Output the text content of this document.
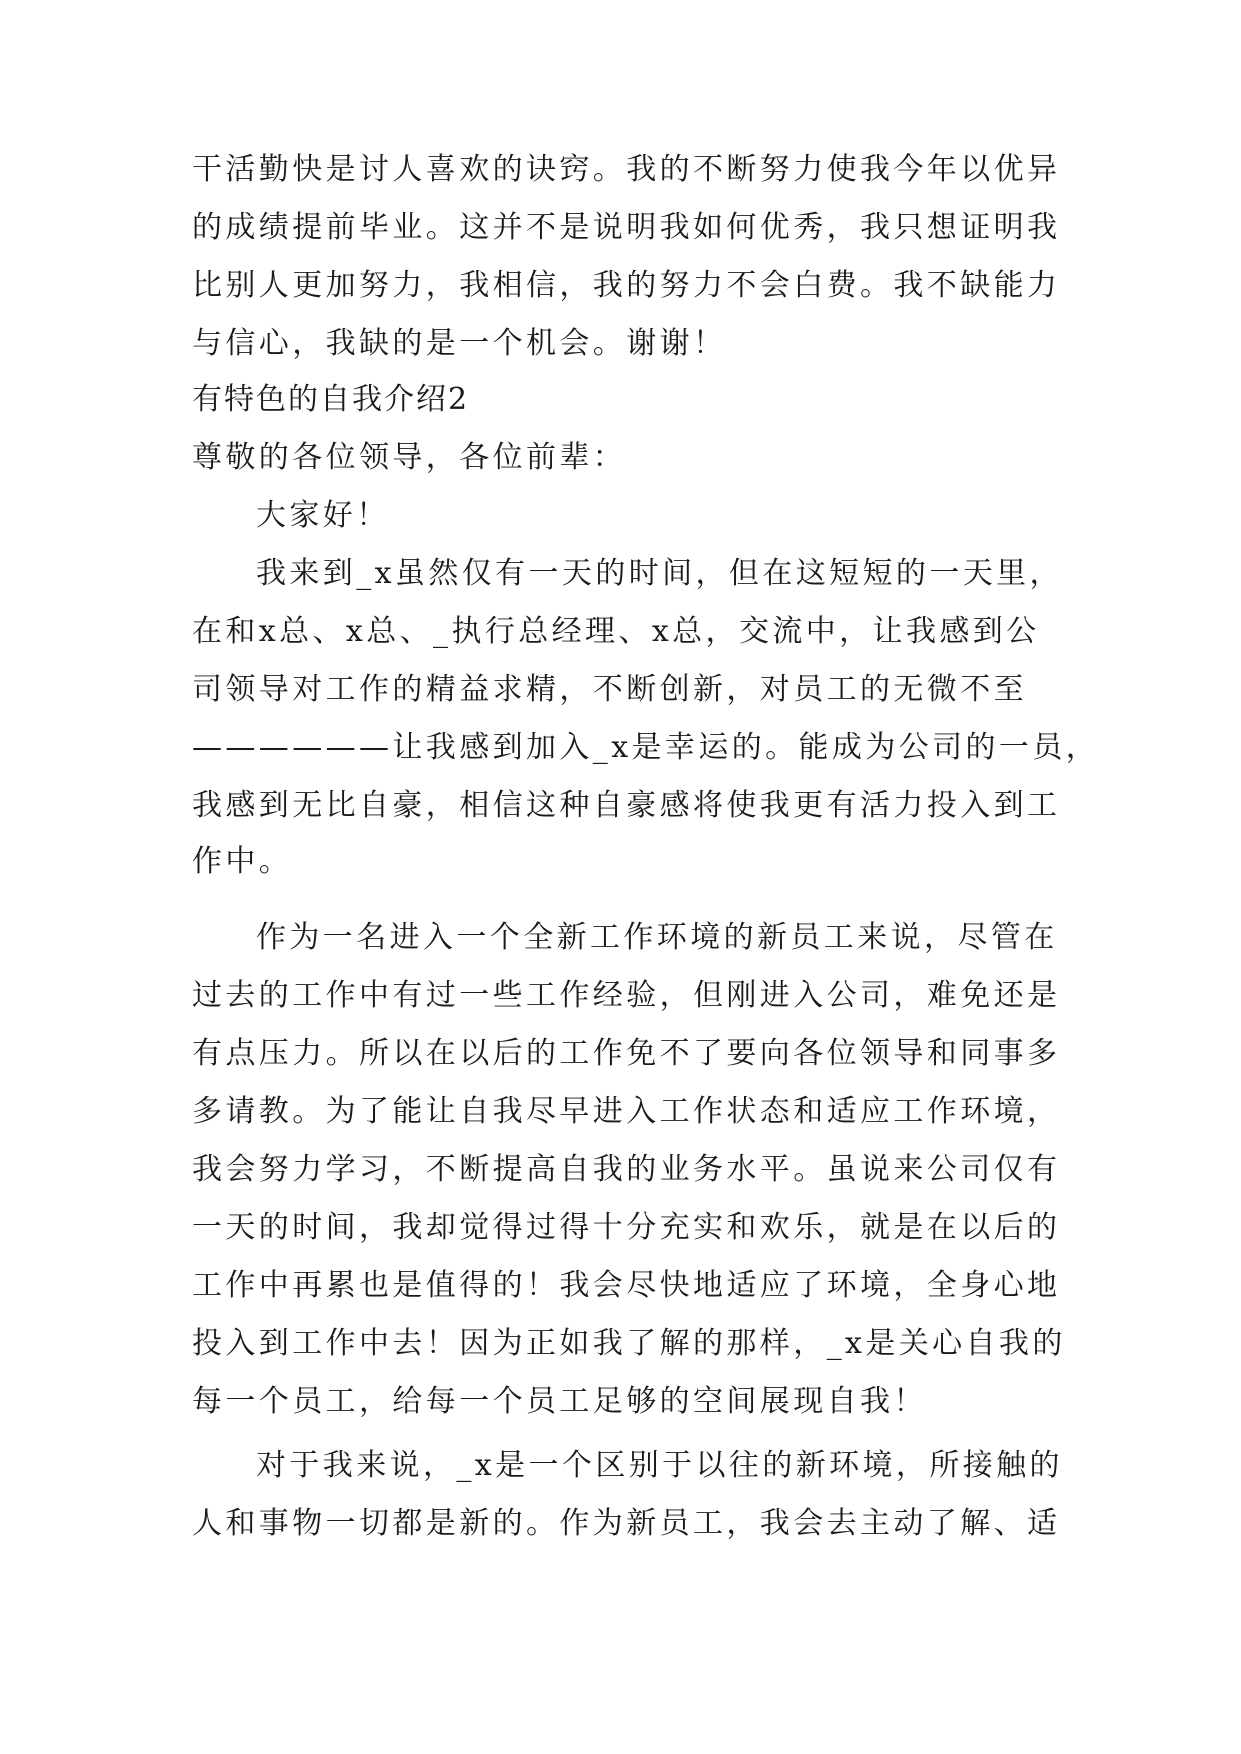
干活勤快是讨人喜欢的诀窍。我的不断努力使我今年以优异
的成绩提前毕业。这并不是说明我如何优秀，我只想证明我
比别人更加努力，我相信，我的努力不会白费。我不缺能力
与信心，我缺的是一个机会。谢谢！
有特色的自我介绍2
尊敬的各位领导，各位前辈：
大家好！
我来到_x虽然仅有一天的时间，但在这短短的一天里，
在和x总、x总、_执行总经理、x总，交流中，让我感到公
司领导对工作的精益求精，不断创新，对员工的无微不至
——————让我感到加入_x是幸运的。能成为公司的一员，
我感到无比自豪，相信这种自豪感将使我更有活力投入到工
作中。
作为一名进入一个全新工作环境的新员工来说，尽管在
过去的工作中有过一些工作经验，但刚进入公司，难免还是
有点压力。所以在以后的工作免不了要向各位领导和同事多
多请教。为了能让自我尽早进入工作状态和适应工作环境，
我会努力学习，不断提高自我的业务水平。虽说来公司仅有
一天的时间，我却觉得过得十分充实和欢乐，就是在以后的
工作中再累也是值得的！我会尽快地适应了环境，全身心地
投入到工作中去！因为正如我了解的那样，_x是关心自我的
每一个员工，给每一个员工足够的空间展现自我！
对于我来说，_x是一个区别于以往的新环境，所接触的
人和事物一切都是新的。作为新员工，我会去主动了解、适
